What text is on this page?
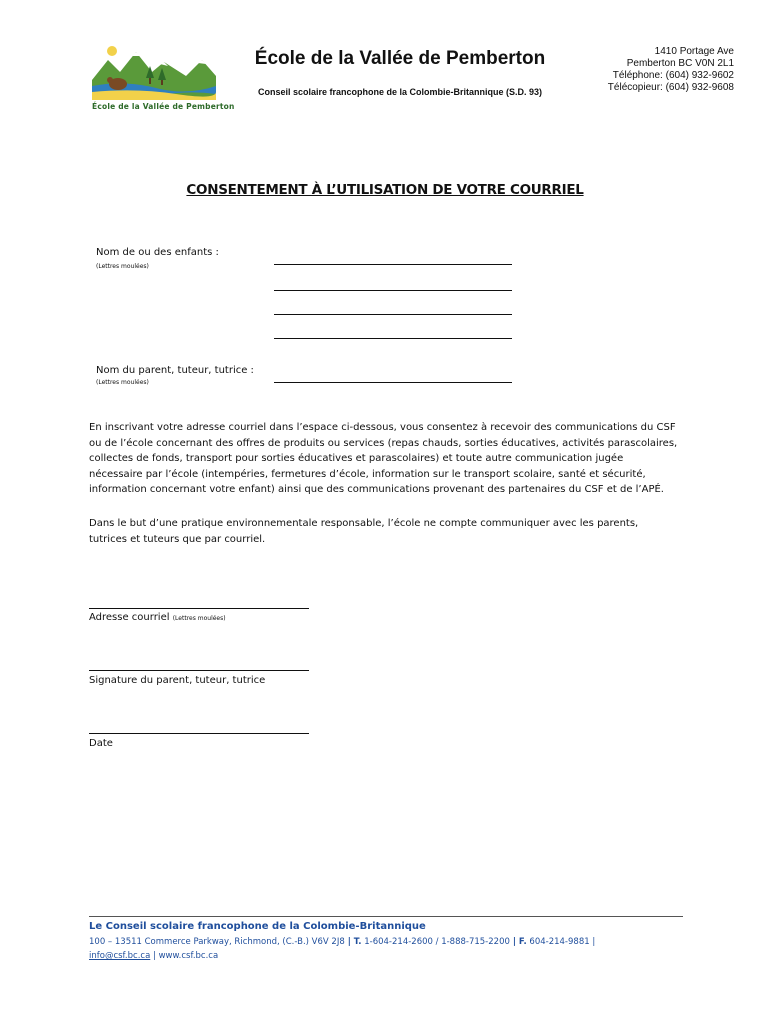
École de la Vallée de Pemberton
École de la Vallée de Pemberton
Conseil scolaire francophone de la Colombie-Britannique (S.D. 93)
1410 Portage Ave
Pemberton BC V0N 2L1
Téléphone: (604) 932-9602
Télécopieur: (604) 932-9608
CONSENTEMENT À L’UTILISATION DE VOTRE COURRIEL
Nom de ou des enfants :
(Lettres moulées)
Nom du parent, tuteur, tutrice :
(Lettres moulées)
En inscrivant votre adresse courriel dans l’espace ci-dessous, vous consentez à recevoir des communications du CSF
ou de l’école concernant des offres de produits ou services (repas chauds, sorties éducatives, activités parascolaires,
collectes de fonds, transport pour sorties éducatives et parascolaires) et toute autre communication jugée
nécessaire par l’école (intempéries, fermetures d’école, information sur le transport scolaire, santé et sécurité,
information concernant votre enfant) ainsi que des communications provenant des partenaires du CSF et de l’APÉ.
Dans le but d’une pratique environnementale responsable, l’école ne compte communiquer avec les parents,
tutrices et tuteurs que par courriel.
Adresse courriel (Lettres moulées)
Signature du parent, tuteur, tutrice
Date
Le Conseil scolaire francophone de la Colombie-Britannique
100 – 13511 Commerce Parkway, Richmond, (C.-B.) V6V 2J8 | T. 1-604-214-2600 / 1-888-715-2200 | F. 604-214-9881 |
info@csf.bc.ca | www.csf.bc.ca
